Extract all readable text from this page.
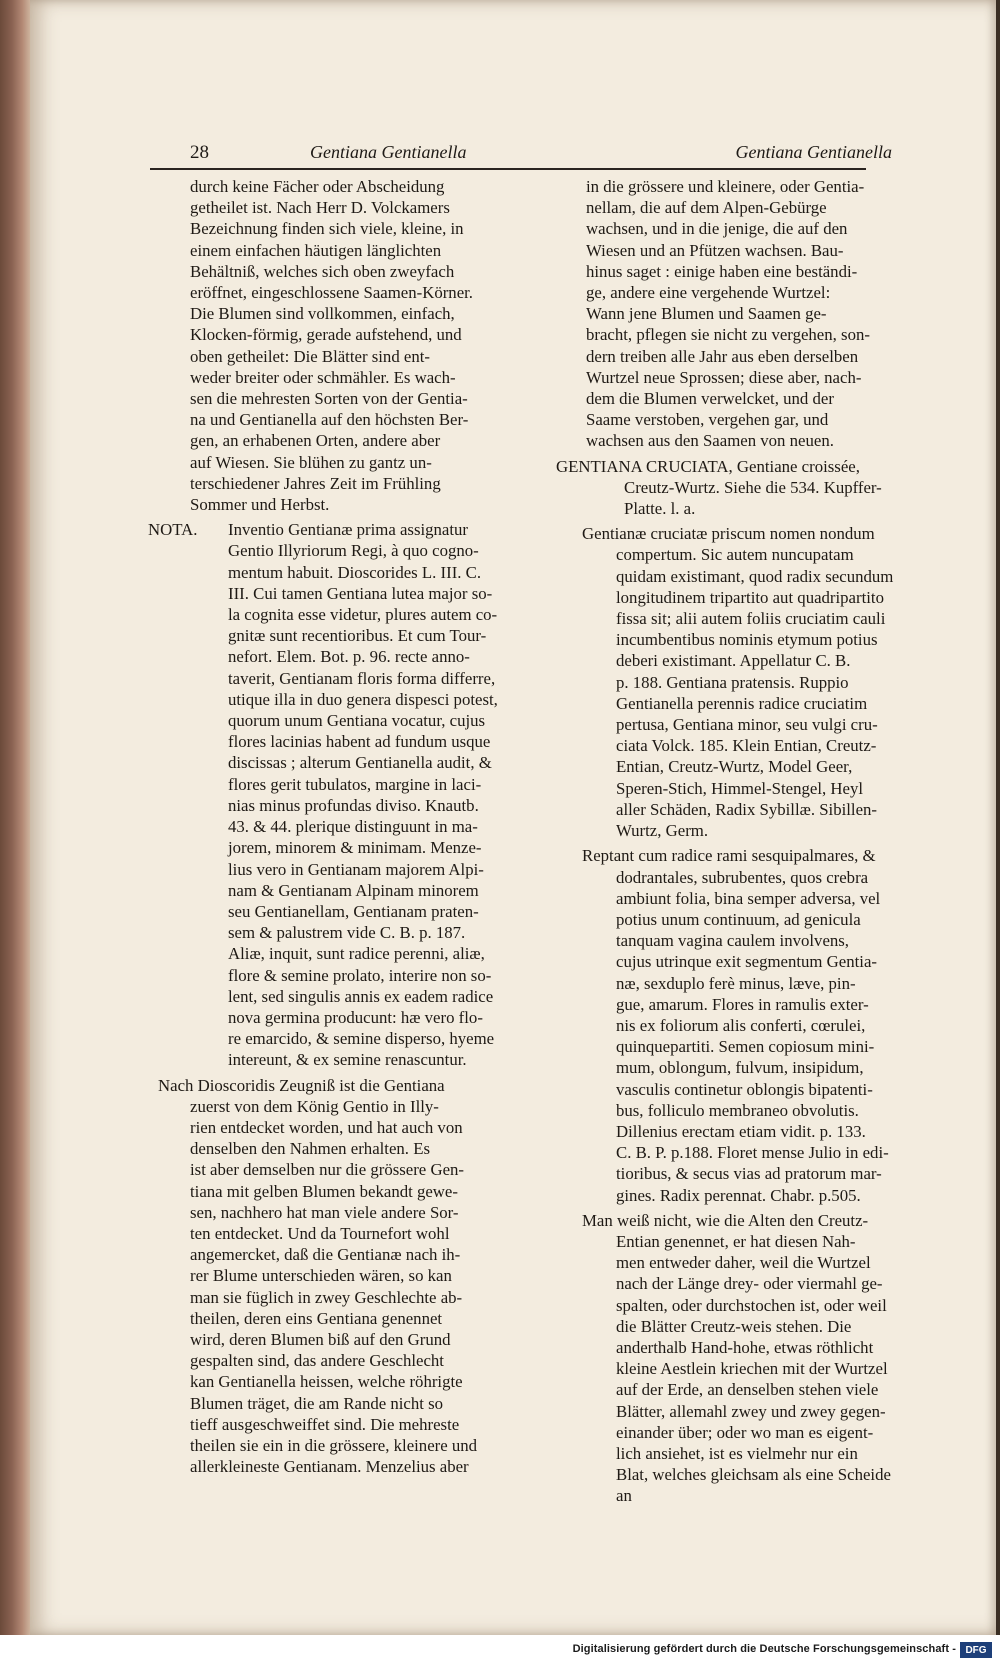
28	Gentiana Gentianella	Gentiana Gentianella
durch keine Fächer oder Abscheidung
getheilet ist. Nach Herr D. Volckamers
Bezeichnung finden sich viele, kleine, in
einem einfachen häutigen länglichten
Behältniß, welches sich oben zweyfach
eröffnet, eingeschlossene Saamen-Körner.
Die Blumen sind vollkommen, einfach,
Klocken-förmig, gerade aufstehend, und
oben getheilet: Die Blätter sind ent-
weder breiter oder schmähler. Es wach-
sen die mehresten Sorten von der Gentia-
na und Gentianella auf den höchsten Ber-
gen, an erhabenen Orten, andere aber
auf Wiesen. Sie blühen zu gantz un-
terschiedener Jahres Zeit im Frühling
Sommer und Herbst.
NOTA. Inventio Gentianæ prima assignatur
Gentio Illyriorum Regi, à quo cogno-
mentum habuit. Dioscorides L. III. C.
III. Cui tamen Gentiana lutea major so-
la cognita esse videtur, plures autem co-
gnitæ sunt recentioribus. Et cum Tour-
nefort. Elem. Bot. p. 96. recte anno-
taverit, Gentianam floris forma differre,
utique illa in duo genera dispesci potest,
quorum unum Gentiana vocatur, cujus
flores lacinias habent ad fundum usque
discissas ; alterum Gentianella audit, &
flores gerit tubulatos, margine in laci-
nias minus profundas diviso. Knautb.
43. & 44. plerique distinguunt in ma-
jorem, minorem & minimam. Menze-
lius vero in Gentianam majorem Alpi-
nam & Gentianam Alpinam minorem
seu Gentianellam, Gentianam praten-
sem & palustrem vide C. B. p. 187.
Aliæ, inquit, sunt radice perenni, aliæ,
flore & semine prolato, interire non so-
lent, sed singulis annis ex eadem radice
nova germina producunt: hæ vero flo-
re emarcido, & semine disperso, hyeme
intereunt, & ex semine renascuntur.
Nach Dioscoridis Zeugniß ist die Gentiana
zuerst von dem König Gentio in Illy-
rien entdecket worden, und hat auch von
denselben den Nahmen erhalten. Es
ist aber demselben nur die grössere Gen-
tiana mit gelben Blumen bekandt gewe-
sen, nachhero hat man viele andere Sor-
ten entdecket. Und da Tournefort wohl
angemercket, daß die Gentianæ nach ih-
rer Blume unterschieden wären, so kan
man sie füglich in zwey Geschlechte ab-
theilen, deren eins Gentiana genennet
wird, deren Blumen biß auf den Grund
gespalten sind, das andere Geschlecht
kan Gentianella heissen, welche röhrigte
Blumen träget, die am Rande nicht so
tieff ausgeschweiffet sind. Die mehreste
theilen sie ein in die grössere, kleinere und
allerkleineste Gentianam. Menzelius aber
in die grössere und kleinere, oder Gentia-
nellam, die auf dem Alpen-Gebürge
wachsen, und in die jenige, die auf den
Wiesen und an Pfützen wachsen. Bau-
hinus saget : einige haben eine beständi-
ge, andere eine vergehende Wurtzel:
Wann jene Blumen und Saamen ge-
bracht, pflegen sie nicht zu vergehen, son-
dern treiben alle Jahr aus eben derselben
Wurtzel neue Sprossen; diese aber, nach-
dem die Blumen verwelcket, und der
Saame verstoben, vergehen gar, und
wachsen aus den Saamen von neuen.
GENTIANA CRUCIATA, Gentiane croissée,
Creutz-Wurtz. Siehe die 534. Kupffer-
Platte. l. a.
Gentianæ cruciatæ priscum nomen nondum
compertum. Sic autem nuncupatam
quidam existimant, quod radix secundum
longitudinem tripartito aut quadripartito
fissa sit; alii autem foliis cruciatim cauli
incumbentibus nominis etymum potius
deberi existimant. Appellatur C. B.
p. 188. Gentiana pratensis. Ruppio
Gentianella perennis radice cruciatim
pertusa, Gentiana minor, seu vulgi cru-
ciata Volck. 185. Klein Entian, Creutz-
Entian, Creutz-Wurtz, Model Geer,
Speren-Stich, Himmel-Stengel, Heyl
aller Schäden, Radix Sybillæ. Sibillen-
Wurtz, Germ.
Reptant cum radice rami sesquipalmares, &
dodrantales, subrubentes, quos crebra
ambiunt folia, bina semper adversa, vel
potius unum continuum, ad genicula
tanquam vagina caulem involvens,
cujus utrinque exit segmentum Gentia-
næ, sexduplo ferè minus, læve, pin-
gue, amarum. Flores in ramulis exter-
nis ex foliorum alis conferti, cœrulei,
quinquepartiti. Semen copiosum mini-
mum, oblongum, fulvum, insipidum,
vasculis continetur oblongis bipatenti-
bus, folliculo membraneo obvolutis.
Dillenius erectam etiam vidit. p. 133.
C. B. P. p.188. Floret mense Julio in edi-
tioribus, & secus vias ad pratorum mar-
gines. Radix perennat. Chabr. p.505.
Man weiß nicht, wie die Alten den Creutz-
Entian genennet, er hat diesen Nah-
men entweder daher, weil die Wurtzel
nach der Länge drey- oder viermahl ge-
spalten, oder durchstochen ist, oder weil
die Blätter Creutz-weis stehen. Die
anderthalb Hand-hohe, etwas röthlicht
kleine Aestlein kriechen mit der Wurtzel
auf der Erde, an denselben stehen viele
Blätter, allemahl zwey und zwey gegen-
einander über; oder wo man es eigent-
lich ansiehet, ist es vielmehr nur ein
Blat, welches gleichsam als eine Scheide
an
Digitalisierung gefördert durch die Deutsche Forschungsgemeinschaft - DFG
